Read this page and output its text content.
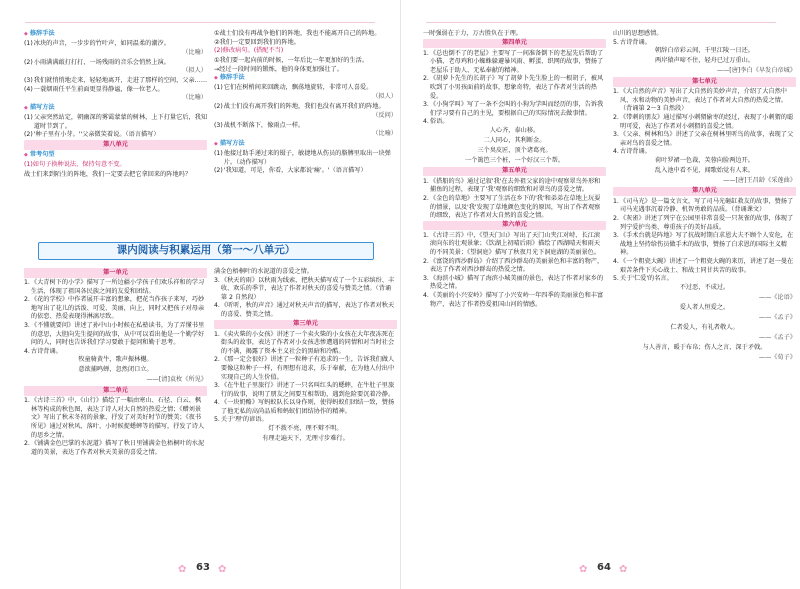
◆ 修辞手法

(1) 冰块的声音，一步步的竹叶声，如同温柔的潮汐。

（比喻）

(2) 小雨满满敲打打打，一场残雨的音乐会悄然上演。

（拟人）

(3) 我们就悄悄地走来，轻轻地离开，走进了那样的空间，父亲……
(4) 一蓑烟雨任平生前面更显得静谧，像一位老人。

（比喻）

◆ 描写方法

(1) 父亲突然站定，朝幽深的雾霭蒙蒙的树林，上下打量它后，我知道时节到了。
(2) '种子里有小芽。''父亲微笑着说。（语言描写）

第八单元

◆ 常考句型

(1)如句子换种说法，保持句意不变。

战士们来到陌生的阵地，我们一定要去把它拿回来的阵地吗？
①战士们没有再战争他们的阵地，我也不能离开自己的阵地。
②我们一定要回到我们的阵地。

(2)修改病句。(搭配不当)

①我们要一起向前的时候，一年后比一年更加好的生活。
→经过一段时间的锻炼，他的身体更加强壮了。

◆ 修辞手法

(1) 它们在树梢间来回跳动，飘荡地旋转，非常可人喜爱。

（拟人）

(2) 战士们没有离开我们的阵地，我们也没有离开我们的阵地。

（反问）

(3) 战机不断落下，像雨点一样。

（比喻）

◆ 描写方法

(1) 他接过助手递过来的镊子，敏捷地从伤员的胳膊里取出一块弹片。（动作描写）
(2) '我知道，可是，你看，大家都说'痛'。'（语言描写）
课内阅读与积累运用（第一～八单元）

第一单元

1. 《大青树下的小学》描写了一所边疆小学孩子们欢乐祥和的学习生活，体现了祖国各民族之间的友爱和团结。
2. 《花的学校》中作者展开丰富的想象，把花当作孩子来写，巧妙地写出了花儿的活泼、可爱、美丽，向上，同时又把孩子对母亲的依恋、热爱表现得淋漓尽致。
3. 《不懂就要问》讲述了孙中山小时候在私塾读书，为了弄懂书里的意思，大胆向先生提问的故事，从中可以看出他是一个勤学好问的人，同时也告诉我们学习要敢于提问和勤于思考。
4. 古诗背诵。

牧童骑黄牛，歌声振林樾。

意欲捕鸣蝉，忽然闭口立。

——[清]袁枚《所见》

第二单元

1. 《古诗三首》中，《山行》描绘了一幅由寒山、石径、白云、枫林等构成的秋色图，表达了诗人对大自然的热爱之情；《赠刘景文》写出了秋末冬初的景象，抒发了对美好时节的赞美；《夜书所见》通过对秋风、落叶、小时候捉蟋蟀等的描写，抒发了诗人的思乡之情。
2. 《铺满金色巴掌的水泥道》描写了秋日里铺满金色梧桐叶的水泥道的美景，表达了作者对秋天美景的喜爱之情。
满金色梧桐叶的水泥道的喜爱之情。
3. 《秋天的雨》以秋雨为线索，把秋天描写成了一个五彩缤纷、丰收、欢乐的季节，表达了作者对秋天的喜爱与赞美之情。（背诵第 2 自然段）
4. 《听听，秋的声音》通过对秋天声音的描写，表达了作者对秋天的喜爱、赞美之情。

第三单元

1. 《卖火柴的小女孩》讲述了一个卖火柴的小女孩在大年夜冻死在街头的故事，表达了作者对小女孩悲惨遭遇的同情和对当时社会的不满，揭露了资本主义社会的黑暗和冷酷。
2. 《那一定会很好》讲述了一粒种子有追求的一生，告诉我们做人要像这粒种子一样，有理想有追求，乐于奉献，在为他人付出中实现自己的人生价值。
3. 《在牛肚子里旅行》讲述了一只名叫红头的蟋蟀，在牛肚子里旅行的故事，说明了朋友之间要互相帮助，遇到危险要沉着冷静。
4. 《一块奶酪》写蚂蚁队长以身作则，使得蚂蚁们团结一致，赞扬了他无私的高尚品质和蚂蚁们团结协作的精神。
5. 关于'理'的谚语。

灯不拨不亮，理不辩不明。

有理走遍天下，无理寸步难行。

✿ 63 ✿
一时强弱在于力，万古胜负在于理。

第四单元

1. 《总也倒不了的老屋》主要写了一间准备倒下的老屋先后帮助了小猫、老母鸡和小蜘蛛躲避暴风雨、孵蛋、织网的故事，赞扬了老屋乐于助人、无私奉献的精神。
2. 《胡萝卜先生的长胡子》写了胡萝卜先生脸上的一根胡子，被风吹到了小男孩面前的故事，想象奇特，表达了作者对生活的热爱。
3. 《小狗学叫》写了一条不会叫的小狗为学叫而经历的事，告诉我们学习要有自己的主见，要根据自己的实际情况去做事情。
4. 俗语。

人心齐，泰山移。

二人同心，其利断金。

三个臭皮匠，顶个诸葛亮。

一个篱笆三个桩，一个好汉三个帮。

第五单元

1. 《搭船的鸟》通过记叙'我'在去外祖父家的途中观察翠鸟外形和捕鱼的过程，表现了'我'观察的细致和对翠鸟的喜爱之情。
2. 《金色的草地》主要写了生活在乡下的'我'和弟弟在草地上玩耍的情景，以及'我'发现了草地颜色变化的原因，写出了作者观察的细致，表达了作者对大自然的喜爱之情。

第六单元

1. 《古诗三首》中，《望天门山》写出了天门山夹江对峙、长江滚滚向东的壮观景象；《饮湖上初晴后雨》描绘了西湖晴天和雨天的不同美景；《望洞庭》描写了秋夜月光下洞庭湖的美丽景色。
2. 《富饶的西沙群岛》介绍了西沙群岛的美丽景色和丰富的物产，表达了作者对西沙群岛的热爱之情。
3. 《海滨小城》描写了海滨小城美丽的景色，表达了作者对家乡的热爱之情。
4. 《美丽的小兴安岭》描写了小兴安岭一年四季的美丽景色和丰富物产，表达了作者热爱祖国山河的情感。
山川的思想感情。
5. 古诗背诵。

朝辞白帝彩云间，千里江陵一日还。

两岸猿声啼不住，轻舟已过万重山。

——[唐]李白《早发白帝城》

第七单元

1. 《大自然的声音》写出了大自然的美妙声音，介绍了大自然中风、水和动物的美妙声音，表达了作者对大自然的热爱之情。（背诵第 2～3 自然段）
2. 《带刺的朋友》通过描写小刺猬偷枣的经过，表现了小刺猬的聪明可爱，表达了作者对小刺猬的喜爱之情。
3. 《父亲、树林和鸟》讲述了父亲在树林里听鸟的故事，表现了父亲对鸟的喜爱之情。
4. 古诗背诵。

荷叶罗裙一色裁，芙蓉向脸两边开。

乱入池中看不见，闻歌始觉有人来。

——[唐]王昌龄《采莲曲》

第八单元

1. 《司马光》是一篇文言文，写了司马光砸缸救友的故事，赞扬了司马光遇事沉着冷静、机智勇敢的品质。（背诵课文）
2. 《灰雀》讲述了列宁在公园里非常喜爱一只灰雀的故事，体现了列宁爱护鸟类、尊重孩子的美好品质。
3. 《手术台就是阵地》写了抗战时期白求恩大夫不顾个人安危，在战地上坚持给伤员做手术的故事，赞扬了白求恩的国际主义精神。
4. 《一个粗瓷大碗》讲述了一个粗瓷大碗的来历，讲述了赵一曼在艰苦条件下关心战士、和战士同甘共苦的故事。
5. 关于'仁爱'的名言。

不过恶，不成过。

——《论语》

爱人者人恒爱之。

——《孟子》

仁者爱人，有礼者敬人。

——《孟子》

与人善言，暖于布帛；伤人之言，深于矛戟。

——《荀子》

✿ 64 ✿
